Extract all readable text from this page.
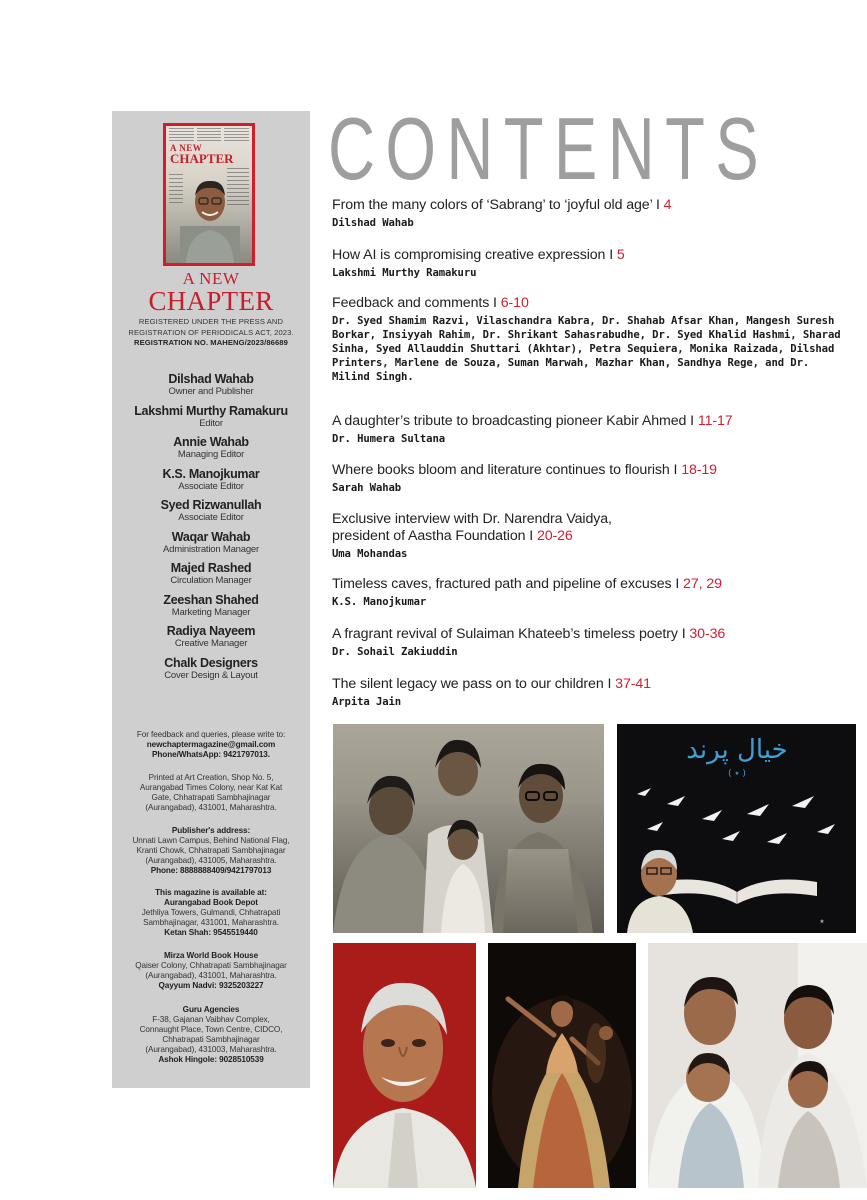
A NEW
CHAPTER
A NEW
CHAPTER
REGISTERED UNDER THE PRESS AND
REGISTRATION OF PERIODICALS ACT, 2023.
REGISTRATION NO. MAHENG/2023/86689
Dilshad Wahab
Owner and Publisher
Lakshmi Murthy Ramakuru
Editor
Annie Wahab
Managing Editor
K.S. Manojkumar
Associate Editor
Syed Rizwanullah
Associate Editor
Waqar Wahab
Administration Manager
Majed Rashed
Circulation Manager
Zeeshan Shahed
Marketing Manager
Radiya Nayeem
Creative Manager
Chalk Designers
Cover Design & Layout
For feedback and queries, please write to:
newchaptermagazine@gmail.com
Phone/WhatsApp: 9421797013.
Printed at Art Creation, Shop No. 5,
Aurangabad Times Colony, near Kat Kat
Gate, Chhatrapati Sambhajinagar
(Aurangabad), 431001, Maharashtra.
Publisher's address:
Unnati Lawn Campus, Behind National Flag,
Kranti Chowk, Chhatrapati Sambhajinagar
(Aurangabad), 431005, Maharashtra.
Phone: 8888888409/9421797013
This magazine is available at:
Aurangabad Book Depot
Jethliya Towers, Gulmandi, Chhatrapati
Sambhajinagar, 431001, Maharashtra.
Ketan Shah: 9545519440
Mirza World Book House
Qaiser Colony, Chhatrapati Sambhajinagar
(Aurangabad), 431001, Maharashtra.
Qayyum Nadvi: 9325203227
Guru Agencies
F-38, Gajanan Vaibhav Complex,
Connaught Place, Town Centre, CIDCO,
Chhatrapati Sambhajinagar
(Aurangabad), 431003, Maharashtra.
Ashok Hingole: 9028510539
CONTENTS
From the many colors of ‘Sabrang’ to ‘joyful old age’ I 4
Dilshad Wahab
How AI is compromising creative expression I 5
Lakshmi Murthy Ramakuru
Feedback and comments I 6-10
Dr. Syed Shamim Razvi, Vilaschandra Kabra, Dr. Shahab Afsar Khan, Mangesh Suresh Borkar, Insiyyah Rahim, Dr. Shrikant Sahasrabudhe, Dr. Syed Khalid Hashmi, Sharad Sinha, Syed Allauddin Shuttari (Akhtar), Petra Sequiera, Monika Raizada, Dilshad Printers, Marlene de Souza, Suman Marwah, Mazhar Khan, Sandhya Rege, and Dr. Milind Singh.
A daughter’s tribute to broadcasting pioneer Kabir Ahmed I 11-17
Dr. Humera Sultana
Where books bloom and literature continues to flourish I 18-19
Sarah Wahab
Exclusive interview with Dr. Narendra Vaidya, president of Aastha Foundation I 20-26
Uma Mohandas
Timeless caves, fractured path and pipeline of excuses I 27, 29
K.S. Manojkumar
A fragrant revival of Sulaiman Khateeb’s timeless poetry I 30-36
Dr. Sohail Zakiuddin
The silent legacy we pass on to our children I 37-41
Arpita Jain
خیال پرند
( ٭ )
٭
